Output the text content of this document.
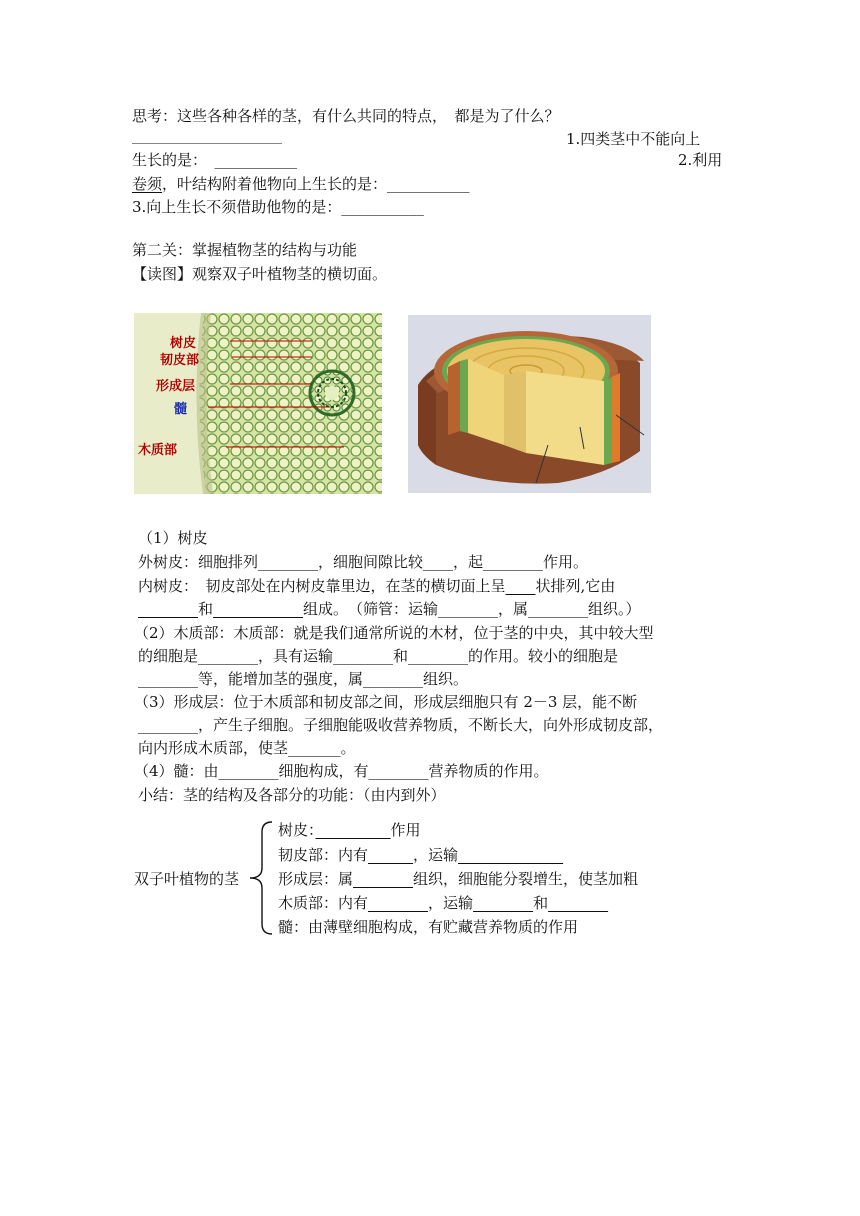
思考：这些各种各样的茎，有什么共同的特点，　都是为了什么？
____________________	1.四类茎中不能向上
生长的是：　___________	2.利用
卷须，叶结构附着他物向上生长的是：___________
3.向上生长不须借助他物的是：___________
第二关：掌握植物茎的结构与功能
【读图】观察双子叶植物茎的横切面。
树皮
韧皮部
形成层
髓
木质部
（1）树皮
外树皮：细胞排列________，细胞间隙比较____，起________作用。
内树皮：　韧皮部处在内树皮靠里边，在茎的横切面上呈　　 状排列,它由
　　　　和　　　　　　	组成。　（筛管：运输________，属________组织。）
（2）木质部：木质部：就是我们通常所说的木材，位于茎的中央，其中较大型
的细胞是________，具有运输________和________的作用。较小的细胞是
________等，能增加茎的强度，属________组织。
（3）形成层：位于木质部和韧皮部之间，形成层细胞只有 2－3 层，能不断
________，产生子细胞。子细胞能吸收营养物质，不断长大，向外形成韧皮部，
向内形成木质部，使茎_______。
（4）髓：由________细胞构成，有________营养物质的作用。
小结：茎的结构及各部分的功能：（由内到外）
双子叶植物的茎
树皮：　　　　　	作用
韧皮部：内有　　　	，运输　　　　　　　
形成层：属　　　　	组织，细胞能分裂增生，使茎加粗
木质部：内有　　　　	，运输　　　　	和　　　　
髓：由薄壁细胞构成，有贮藏营养物质的作用
